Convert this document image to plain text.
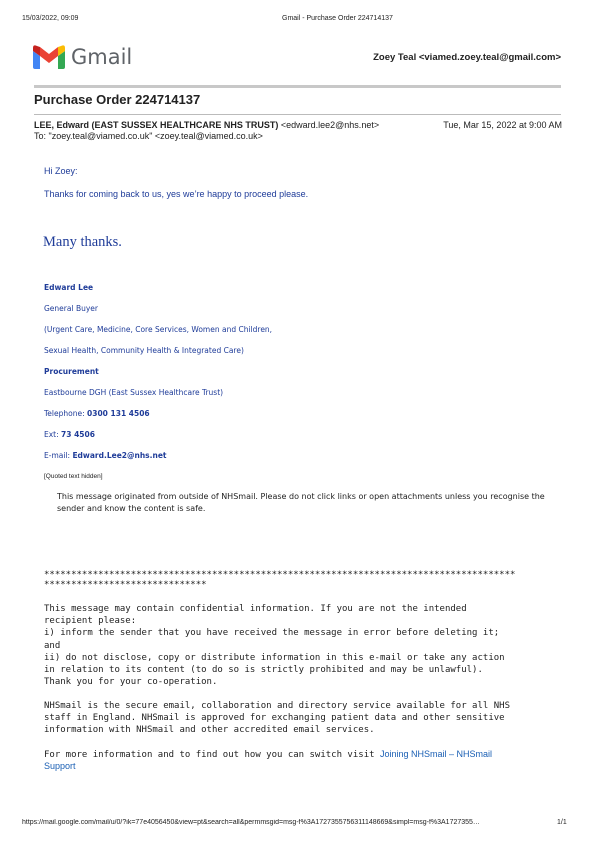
15/03/2022, 09:09	Gmail - Purchase Order 224714137
Gmail	Zoey Teal <viamed.zoey.teal@gmail.com>
Purchase Order 224714137
LEE, Edward (EAST SUSSEX HEALTHCARE NHS TRUST) <edward.lee2@nhs.net>	Tue, Mar 15, 2022 at 9:00 AM
To: "zoey.teal@viamed.co.uk" <zoey.teal@viamed.co.uk>
Hi Zoey:
Thanks for coming back to us, yes we’re happy to proceed please.
Many thanks.
Edward Lee
General Buyer
(Urgent Care, Medicine, Core Services, Women and Children,
Sexual Health, Community Health & Integrated Care)
Procurement
Eastbourne DGH (East Sussex Healthcare Trust)
Telephone: 0300 131 4506
Ext: 73 4506
E-mail: Edward.Lee2@nhs.net
[Quoted text hidden]
This message originated from outside of NHSmail. Please do not click links or open attachments unless you recognise the sender and know the content is safe.
***************************************************************************************
******************************
This message may contain confidential information. If you are not the intended
recipient please:
i) inform the sender that you have received the message in error before deleting it;
and
ii) do not disclose, copy or distribute information in this e-mail or take any action
in relation to its content (to do so is strictly prohibited and may be unlawful).
Thank you for your co-operation.
NHSmail is the secure email, collaboration and directory service available for all NHS
staff in England. NHSmail is approved for exchanging patient data and other sensitive
information with NHSmail and other accredited email services.
For more information and to find out how you can switch visit Joining NHSmail – NHSmail
Support
https://mail.google.com/mail/u/0/?ik=77e4056450&view=pt&search=all&permmsgid=msg-f%3A1727355756311148669&simpl=msg-f%3A1727355…	1/1
